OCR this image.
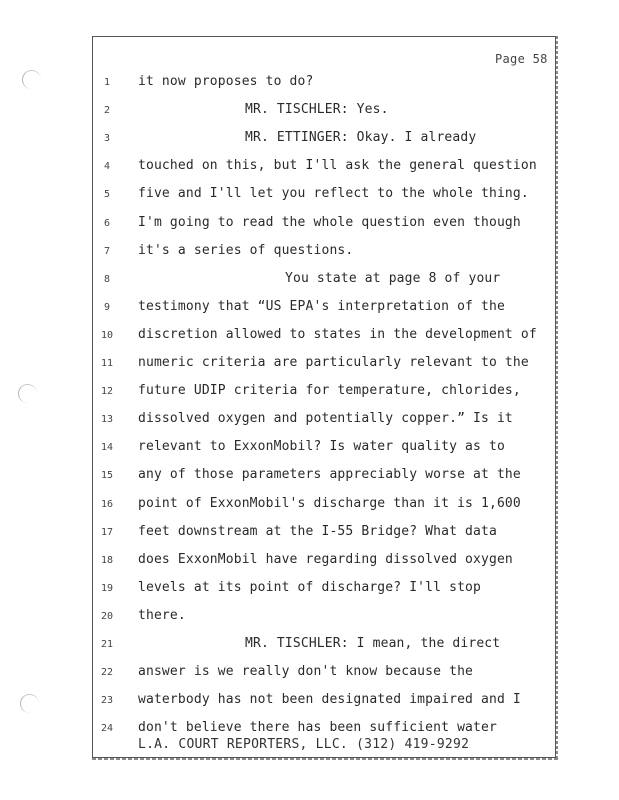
Page 58
1	it now proposes to do?
2	MR. TISCHLER: Yes.
3	MR. ETTINGER: Okay. I already
4	touched on this, but I'll ask the general question
5	five and I'll let you reflect to the whole thing.
6	I'm going to read the whole question even though
7	it's a series of questions.
8	You state at page 8 of your
9	testimony that “US EPA's interpretation of the
10	discretion allowed to states in the development of
11	numeric criteria are particularly relevant to the
12	future UDIP criteria for temperature, chlorides,
13	dissolved oxygen and potentially copper.” Is it
14	relevant to ExxonMobil? Is water quality as to
15	any of those parameters appreciably worse at the
16	point of ExxonMobil's discharge than it is 1,600
17	feet downstream at the I-55 Bridge? What data
18	does ExxonMobil have regarding dissolved oxygen
19	levels at its point of discharge? I'll stop
20	there.
21	MR. TISCHLER: I mean, the direct
22	answer is we really don't know because the
23	waterbody has not been designated impaired and I
24	don't believe there has been sufficient water
L.A. COURT REPORTERS, LLC. (312) 419-9292
